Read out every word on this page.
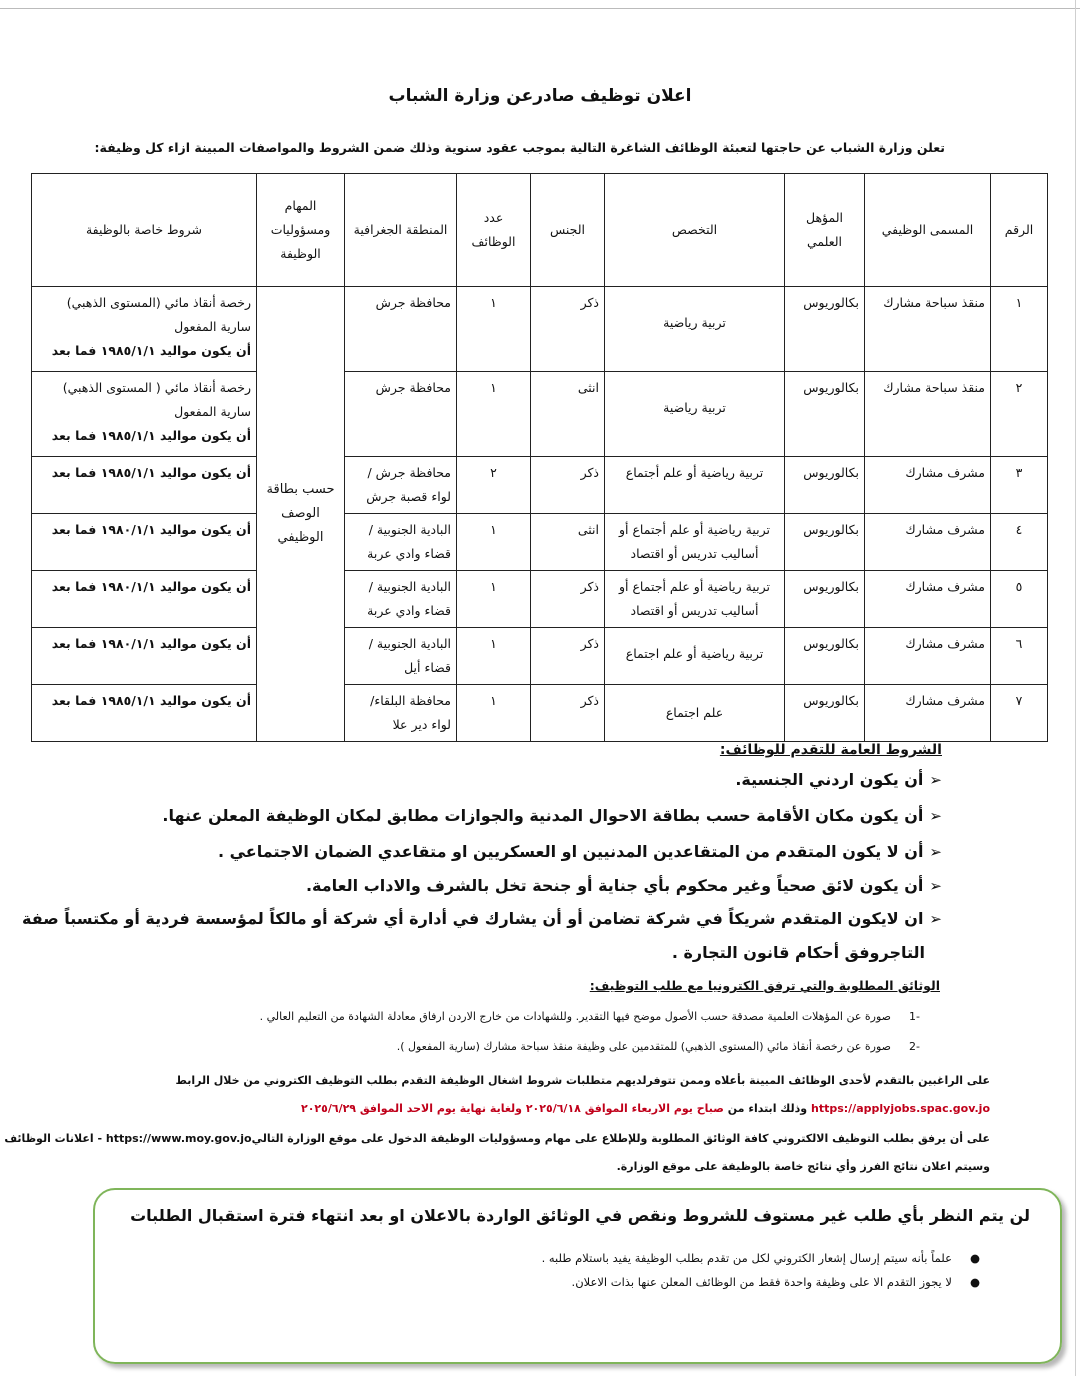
اعلان توظيف صادرعن وزارة الشباب
تعلن وزارة الشباب عن حاجتها لتعبئة الوظائف الشاغرة التالية بموجب عقود سنوية وذلك ضمن الشروط والمواصفات المبينة ازاء كل وظيفة:
الرقم	المسمى الوظيفي	المؤهل العلمي	التخصص	الجنس	عدد الوظائف	المنطقة الجغرافية	المهام ومسؤوليات الوظيفة	شروط خاصة بالوظيفة
١	منقذ سباحة مشارك	بكالوريوس	تربية رياضية	ذكر	١	محافظة جرش	حسب بطاقة الوصف الوظيفي	رخصة أنقاذ مائي (المستوى الذهبي)
سارية المفعول
أن يكون مواليد ١٩٨٥/١/١ فما بعد

٢	منقذ سباحة مشارك	بكالوريوس	تربية رياضية	انثى	١	محافظة جرش		رخصة أنقاذ مائي ( المستوى الذهبي)
سارية المفعول
أن يكون مواليد ١٩٨٥/١/١ فما بعد

٣	مشرف مشارك	بكالوريوس	تربية رياضية أو علم أجتماع	ذكر	٢	محافظة جرش /لواء قصبة جرش		أن يكون مواليد ١٩٨٥/١/١ فما بعد

٤	مشرف مشارك	بكالوريوس	تربية رياضية أو علم أجتماع أو أساليب تدريس أو اقتصاد	انثى	١	البادية الجنوبية /قضاء وادي عربة		أن يكون مواليد ١٩٨٠/١/١ فما بعد

٥	مشرف مشارك	بكالوريوس	تربية رياضية أو علم أجتماع أو أساليب تدريس أو اقتصاد	ذكر	١	البادية الجنوبية /قضاء وادي عربة		أن يكون مواليد ١٩٨٠/١/١ فما بعد

٦	مشرف مشارك	بكالوريوس	تربية رياضية أو علم اجتماع	ذكر	١	البادية الجنوبية /قضاء أيل		أن يكون مواليد ١٩٨٠/١/١ فما بعد

٧	مشرف مشارك	بكالوريوس	علم اجتماع	ذكر	١	محافظة البلقاء/ لواء دير علا		أن يكون مواليد ١٩٨٥/١/١ فما بعد
الشروط العامة للتقدم للوظائف:
➢أن يكون اردني الجنسية.
➢أن يكون مكان الأقامة حسب بطاقة الاحوال المدنية والجوازات مطابق لمكان الوظيفة المعلن عنها.
➢أن لا يكون المتقدم من المتقاعدين المدنيين او العسكريين او متقاعدي الضمان الاجتماعي .
➢أن يكون لائق صحياً وغير محكوم بأي جناية أو جنحة تخل بالشرف والاداب العامة.
➢ان لايكون المتقدم شريكاً في شركة تضامن أو أن يشارك في أدارة أي شركة أو مالكاً لمؤسسة فردية أو مكتسباً صفة
التاجروفق أحكام قانون التجارة .
الوثائق المطلوبة والتي ترفق الكترونيا مع طلب التوظيف:
-1صورة عن المؤهلات العلمية مصدقة حسب الأصول موضح فيها التقدير. وللشهادات من خارج الاردن ارفاق معادلة الشهادة من التعليم العالي .
-2صورة عن رخصة أنقاذ مائي (المستوى الذهبي) للمتقدمين على وظيفة منقذ سباحة مشارك (سارية المفعول ).
على الراغبين بالتقدم لأحدى الوظائف المبينة بأعلاه وممن تتوفرلديهم متطلبات شروط اشغال الوظيفة التقدم بطلب التوظيف الكتروني من خلال الرابط
https://applyjobs.spac.gov.jo وذلك ابتداء من صباح يوم الاربعاء الموافق ٢٠٢٥/٦/١٨ ولغاية نهاية يوم الاحد الموافق ٢٠٢٥/٦/٢٩
على أن يرفق بطلب التوظيف الالكتروني كافة الوثائق المطلوبة وللإطلاع على مهام ومسؤوليات الوظيفة الدخول على موقع الوزارة التاليhttps://www.moy.gov.jo - اعلانات الوظائف
وسيتم اعلان نتائج الفرز وأي نتائج خاصة بالوظيفة على موقع الوزارة.
لن يتم النظر بأي طلب غير مستوف للشروط ونقص في الوثائق الواردة بالاعلان او بعد انتهاء فترة استقبال الطلبات
●علماً بأنه سيتم إرسال إشعار الكتروني لكل من تقدم بطلب الوظيفة يفيد باستلام طلبه .
●لا يجوز التقدم الا على وظيفة واحدة فقط من الوظائف المعلن عنها بذات الاعلان.
